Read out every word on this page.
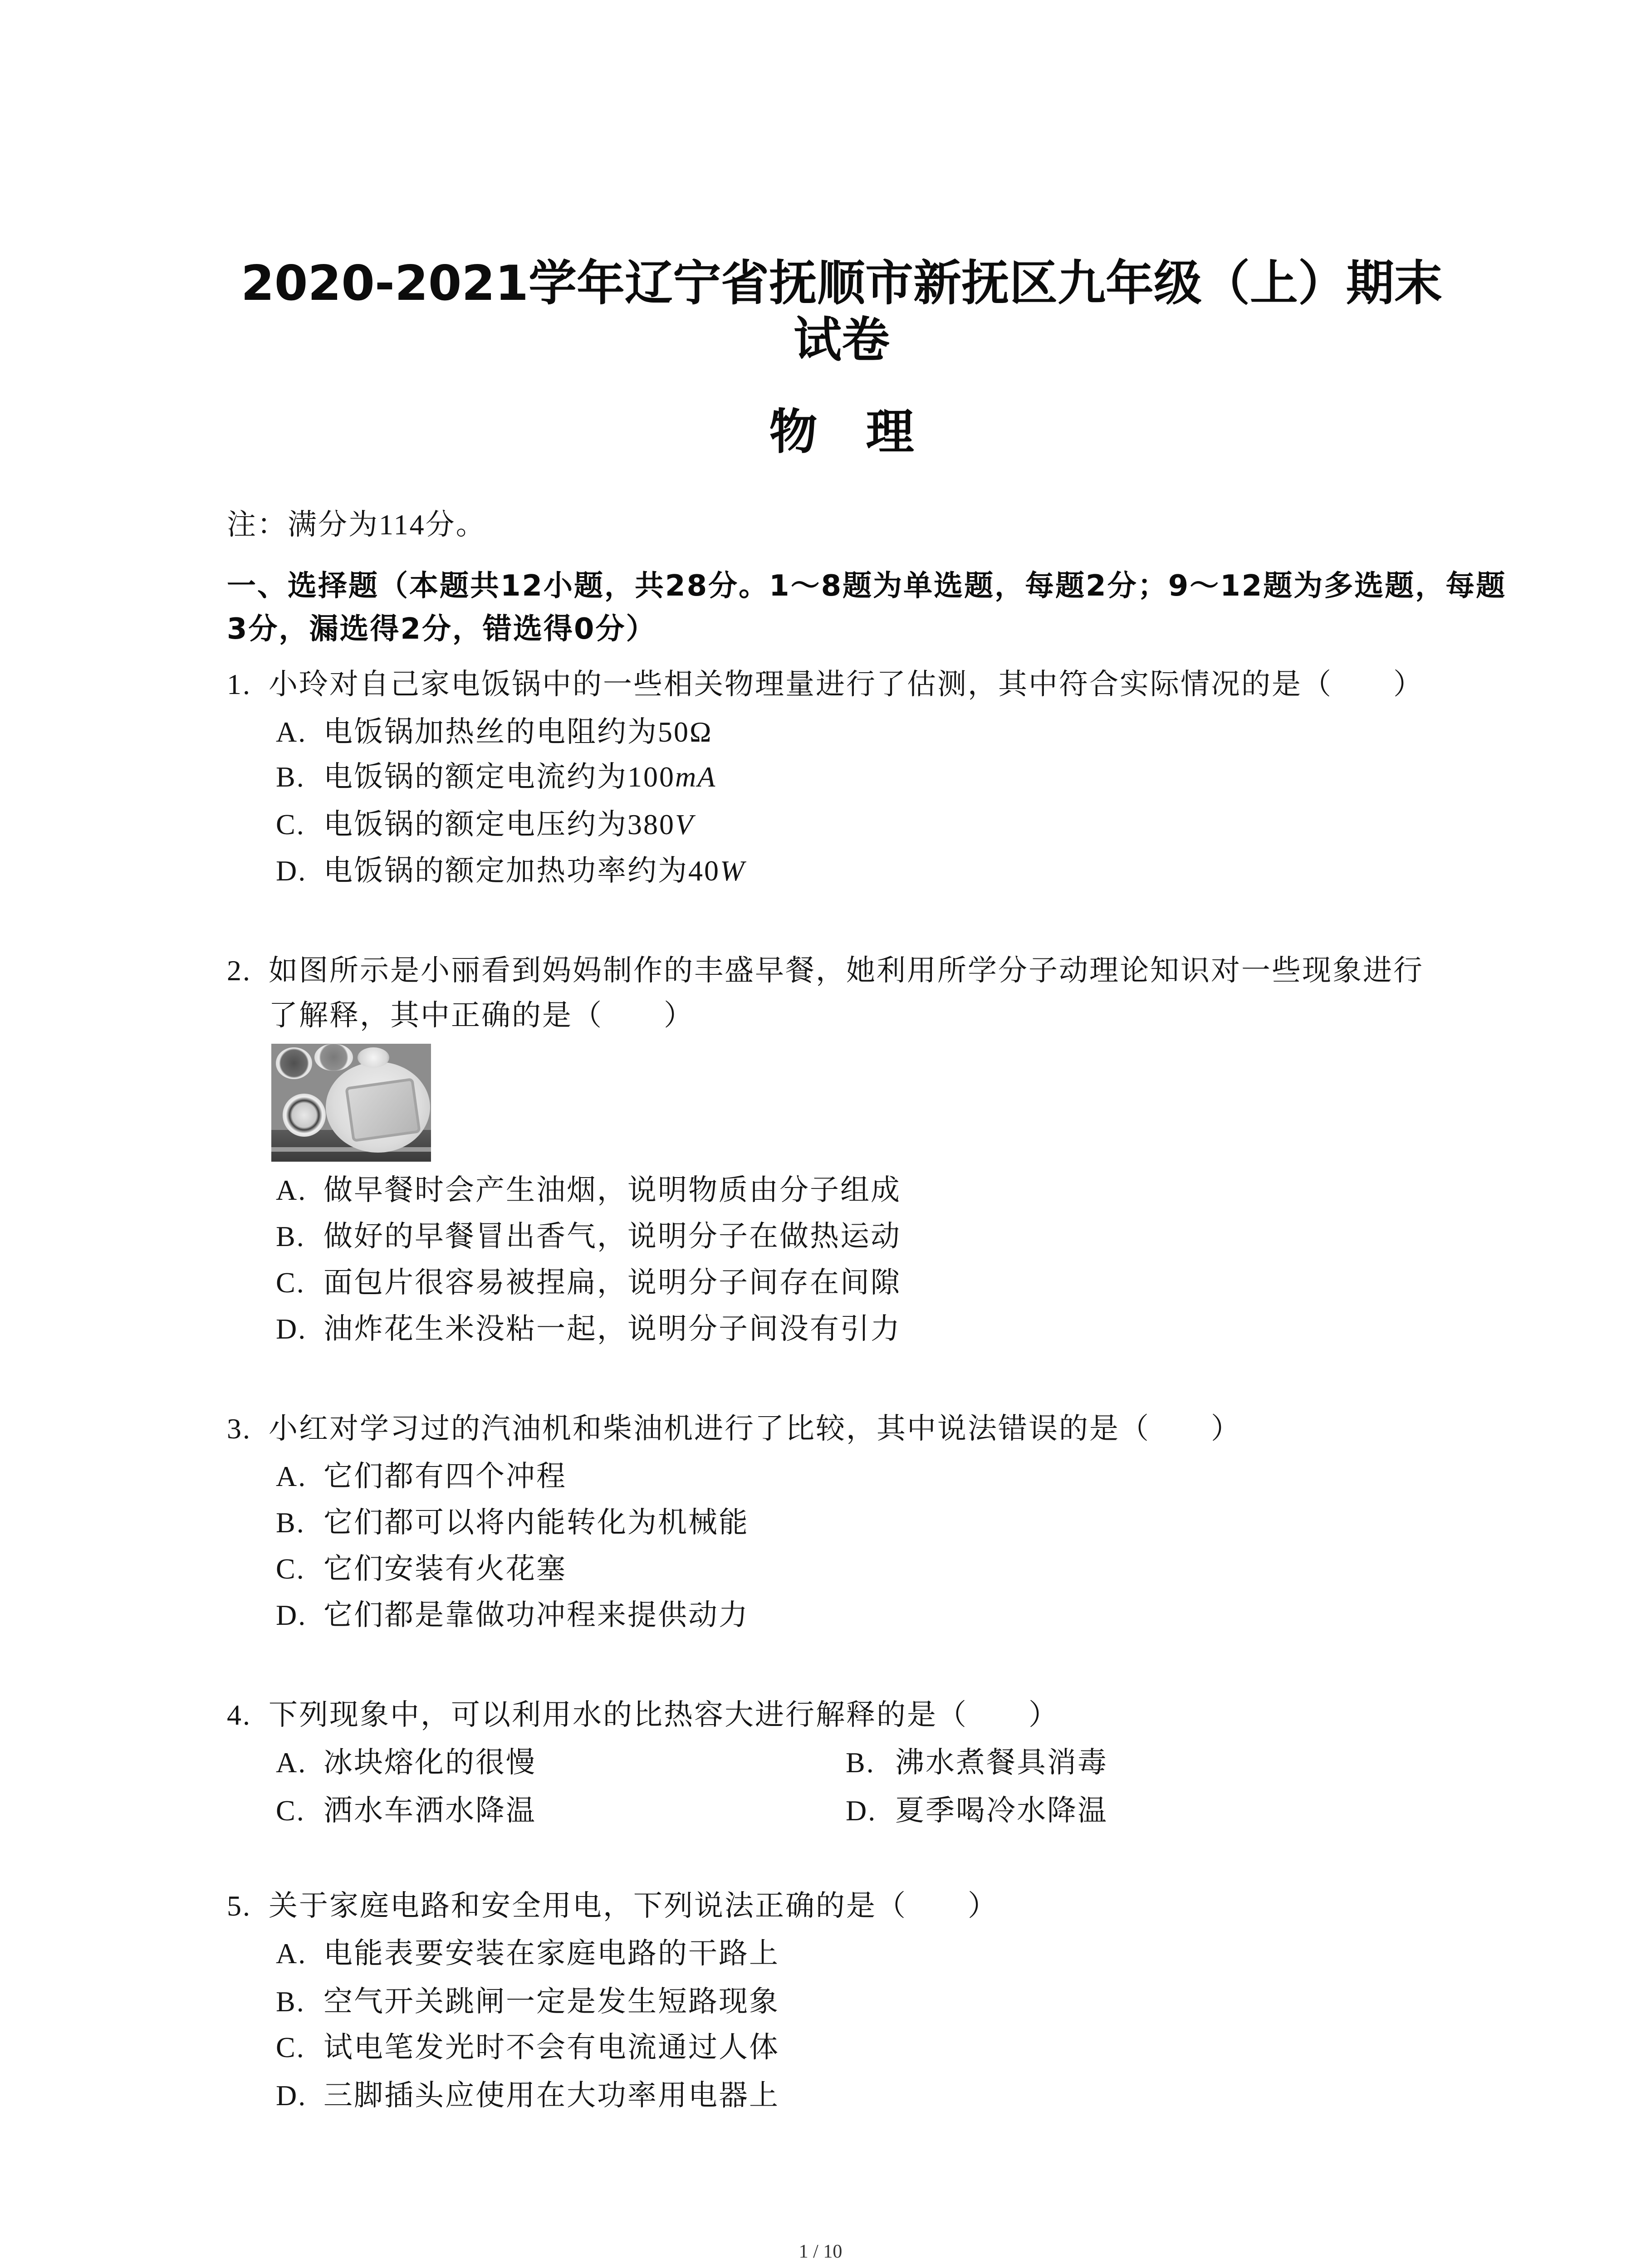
2020-2021学年辽宁省抚顺市新抚区九年级（上）期末
试卷
物 理
注：满分为114分。
一、选择题（本题共12小题，共28分。1～8题为单选题，每题2分；9～12题为多选题，每题
3分，漏选得2分，错选得0分）
1. 小玲对自己家电饭锅中的一些相关物理量进行了估测，其中符合实际情况的是（　　）
A. 电饭锅加热丝的电阻约为50Ω
B. 电饭锅的额定电流约为100mA
C. 电饭锅的额定电压约为380V
D. 电饭锅的额定加热功率约为40W
2. 如图所示是小丽看到妈妈制作的丰盛早餐，她利用所学分子动理论知识对一些现象进行
了解释，其中正确的是（　　）
A. 做早餐时会产生油烟，说明物质由分子组成
B. 做好的早餐冒出香气，说明分子在做热运动
C. 面包片很容易被捏扁，说明分子间存在间隙
D. 油炸花生米没粘一起，说明分子间没有引力
3. 小红对学习过的汽油机和柴油机进行了比较，其中说法错误的是（　　）
A. 它们都有四个冲程
B. 它们都可以将内能转化为机械能
C. 它们安装有火花塞
D. 它们都是靠做功冲程来提供动力
4. 下列现象中，可以利用水的比热容大进行解释的是（　　）
A. 冰块熔化的很慢	B. 沸水煮餐具消毒
C. 洒水车洒水降温	D. 夏季喝冷水降温
5. 关于家庭电路和安全用电，下列说法正确的是（　　）
A. 电能表要安装在家庭电路的干路上
B. 空气开关跳闸一定是发生短路现象
C. 试电笔发光时不会有电流通过人体
D. 三脚插头应使用在大功率用电器上
1 / 10
